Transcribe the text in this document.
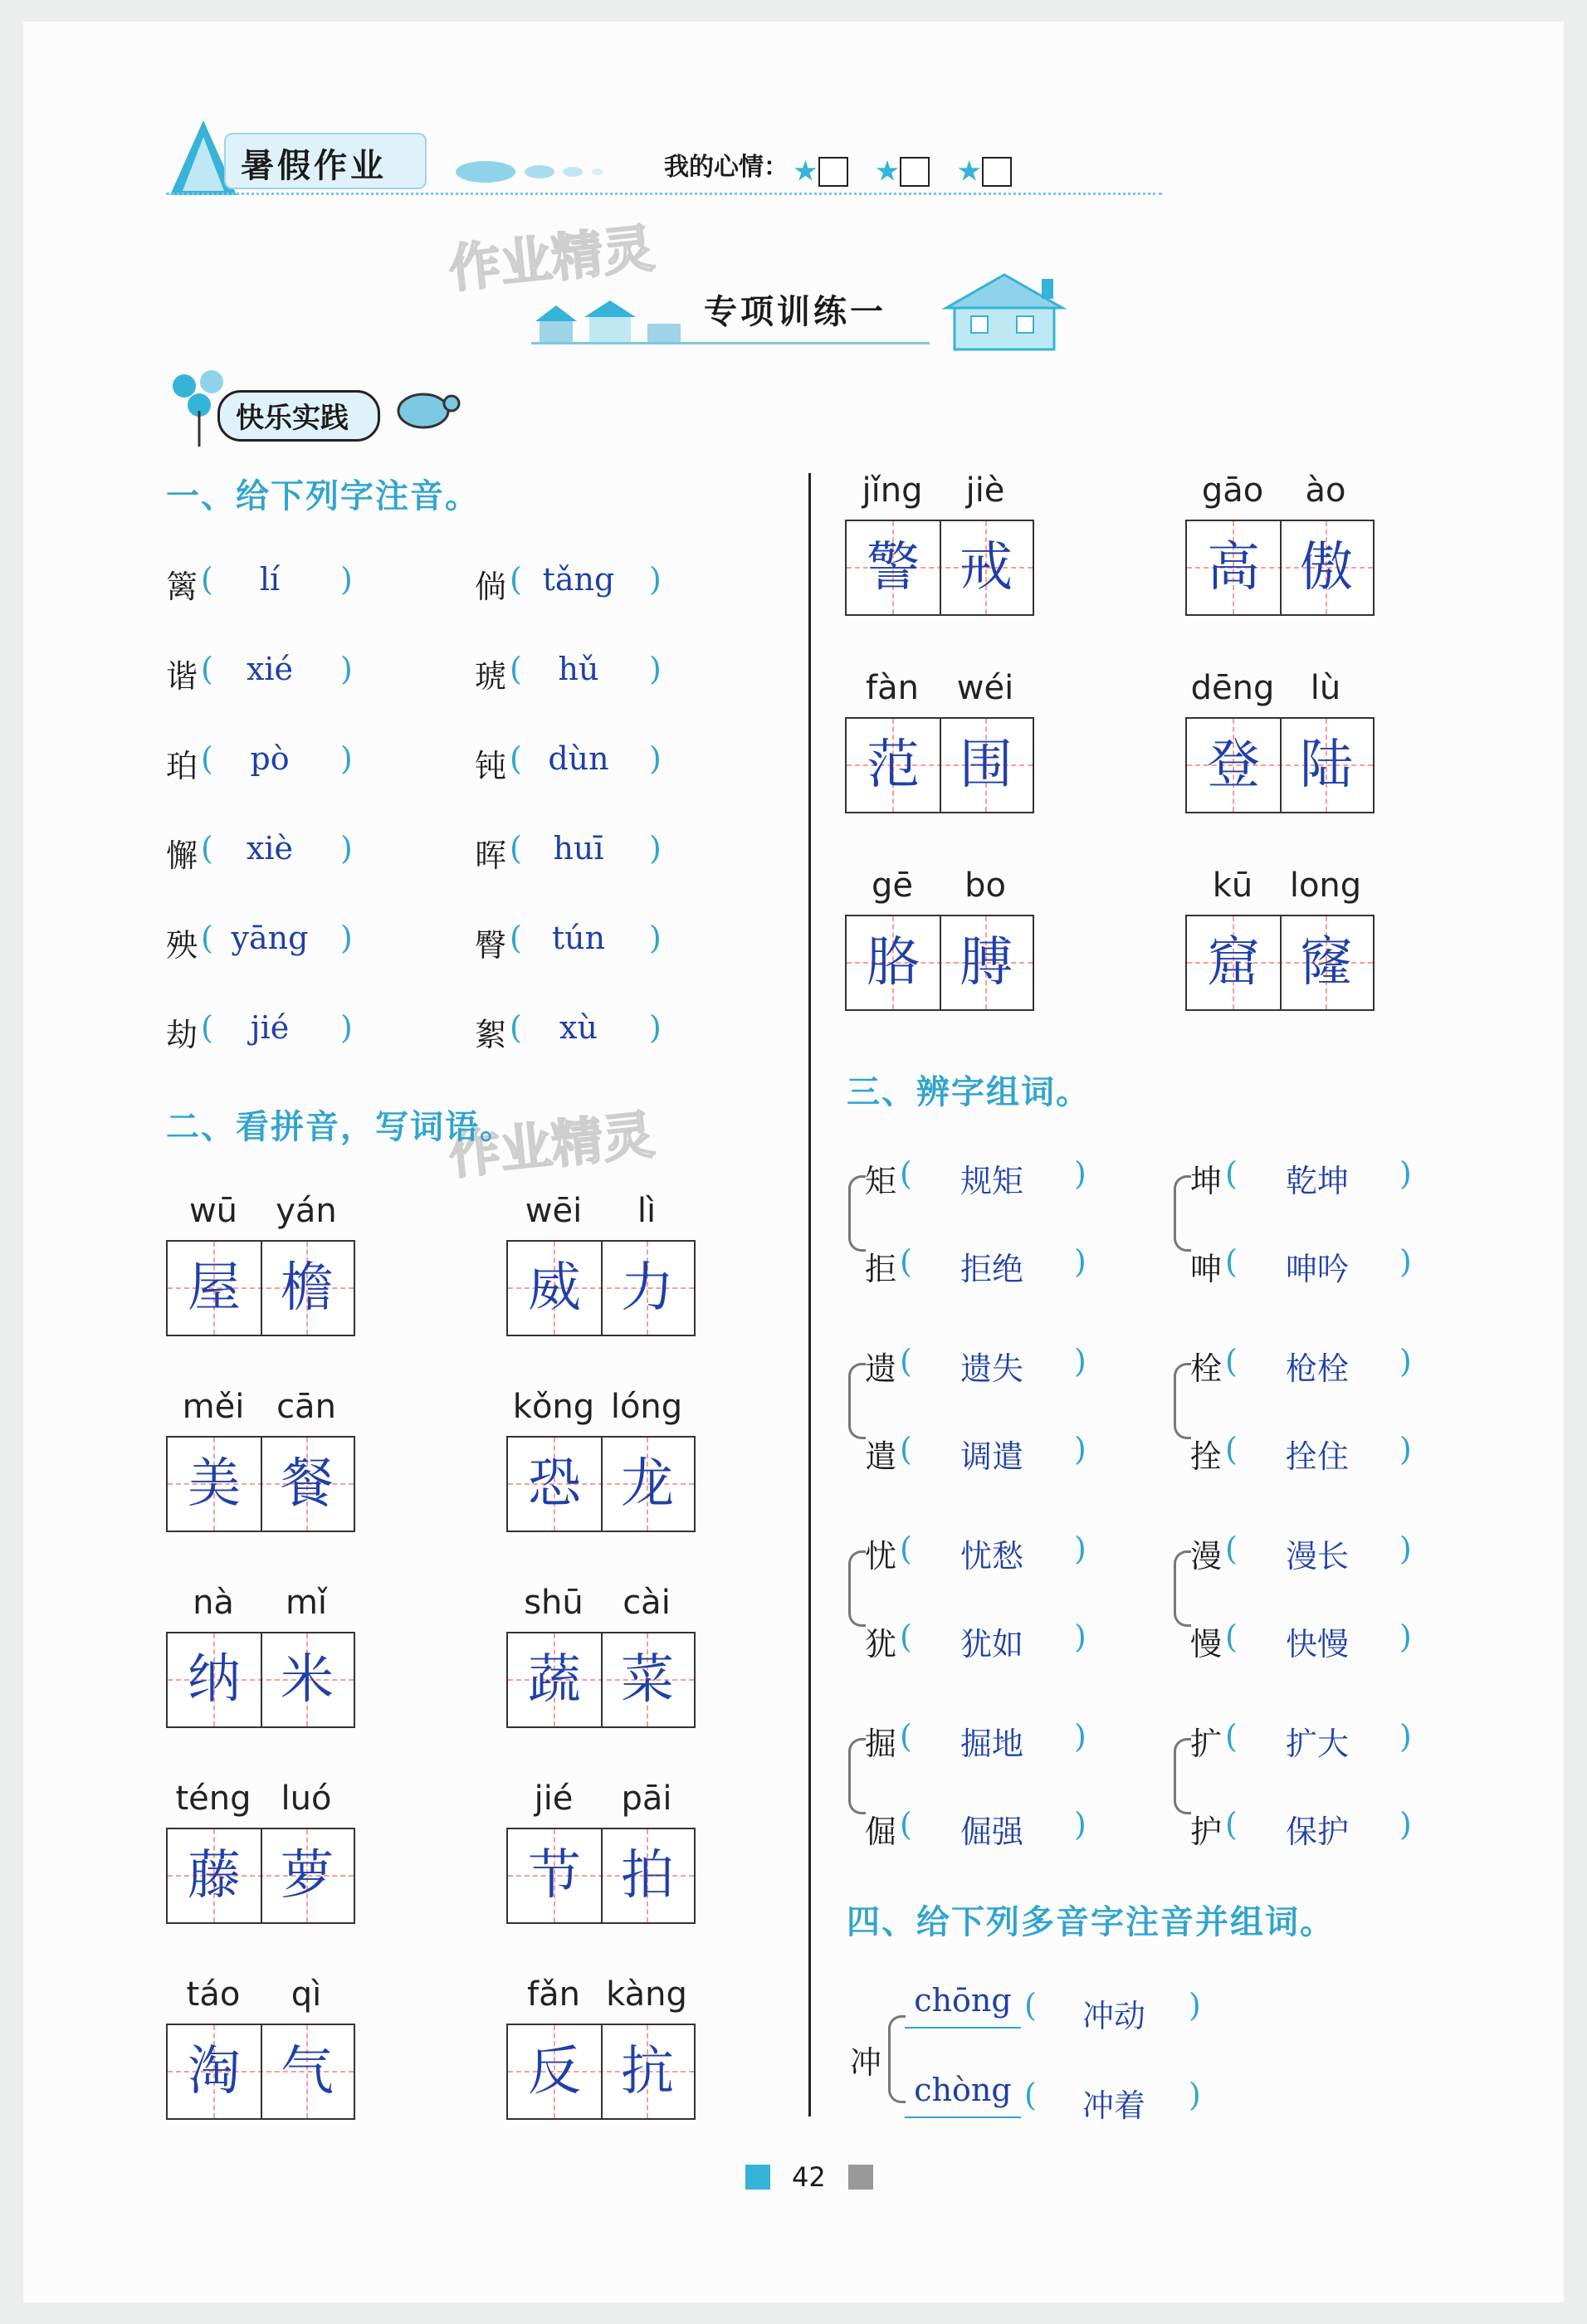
暑假作业	我的心情： ★ ★ ★
作业精灵
作业精灵
专项训练一
快乐实践
一、给下列字注音。
二、看拼音，写词语。
三、辨字组词。
四、给下列多音字注音并组词。
篱 (	lí	)	倘 ( tǎng	)
谐 (	xié	)	琥 (	hǔ	)
珀 (	pò	)	钝 ( dùn	)
懈 (	xiè	)	晖 ( huī	)
殃 ( yāng	)	臀 ( tún	)
劫 (	jié	)	絮 (	xù	)
wū	yán
屋 檐
wēi	lì
威 力
měi cān
美 餐
kǒng lóng
恐 龙
nà	mǐ
纳 米
shū	cài
蔬 菜
téng luó
藤 萝
jié	pāi
节 拍
táo	qì
淘 气
fǎn kàng
反 抗
jǐng	jiè
警 戒
gāo	ào
高 傲
fàn	wéi
范 围
dēng	lù
登 陆
gē	bo
胳 膊
kū	long
窟 窿
矩 (	规矩	)
拒 (	拒绝	)
坤 (	乾坤	)
呻 (	呻吟	)
遗 (	遗失	)
遣 (	调遣	)
栓 (	枪栓	)
拴 (	拴住	)
忧 (	忧愁	)
犹 (	犹如	)
漫 (	漫长	)
慢 (	快慢	)
掘 (	掘地	)
倔 (	倔强	)
扩 (	扩大	)
护 (	保护	)
冲
chōng (	冲动	)
chòng (	冲着	)
42
